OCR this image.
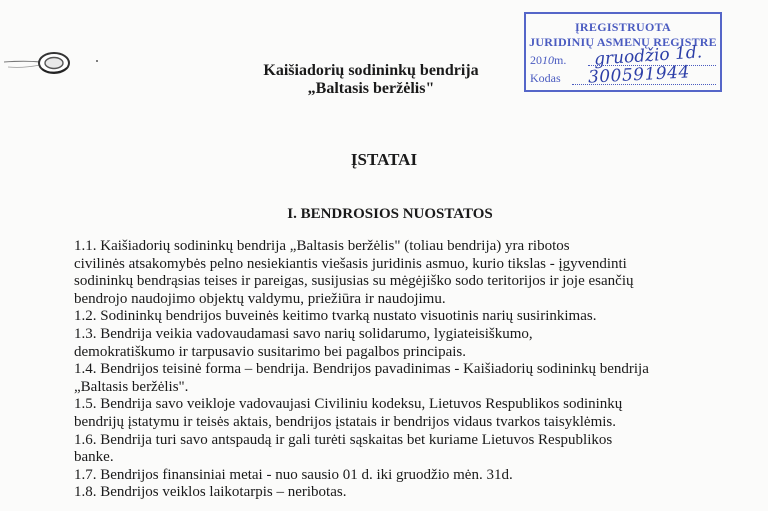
Kaišiadorių sodininkų bendrija
„Baltasis beržėlis"
ĮREGISTRUOTA
JURIDINIŲ ASMENŲ REGISTRE
2010m. gruodžio 1d.
Kodas 300591944
ĮSTATAI
I. BENDROSIOS NUOSTATOS
1.1. Kaišiadorių sodininkų bendrija „Baltasis beržėlis" (toliau bendrija) yra ribotos
civilinės atsakomybės pelno nesiekiantis viešasis juridinis asmuo, kurio tikslas - įgyvendinti
sodininkų bendrąsias teises ir pareigas, susijusias su mėgėjiško sodo teritorijos ir joje esančių
bendrojo naudojimo objektų valdymu, priežiūra ir naudojimu.
1.2. Sodininkų bendrijos buveinės keitimo tvarką nustato visuotinis narių susirinkimas.
1.3. Bendrija veikia vadovaudamasi savo narių solidarumo, lygiateisiškumo,
demokratiškumo ir tarpusavio susitarimo bei pagalbos principais.
1.4. Bendrijos teisinė forma – bendrija. Bendrijos pavadinimas - Kaišiadorių sodininkų bendrija
„Baltasis beržėlis".
1.5. Bendrija savo veikloje vadovaujasi Civiliniu kodeksu, Lietuvos Respublikos sodininkų
bendrijų įstatymu ir teisės aktais, bendrijos įstatais ir bendrijos vidaus tvarkos taisyklėmis.
1.6. Bendrija turi savo antspaudą ir gali turėti sąskaitas bet kuriame Lietuvos Respublikos
banke.
1.7. Bendrijos finansiniai metai - nuo sausio 01 d. iki gruodžio mėn. 31d.
1.8. Bendrijos veiklos laikotarpis – neribotas.
